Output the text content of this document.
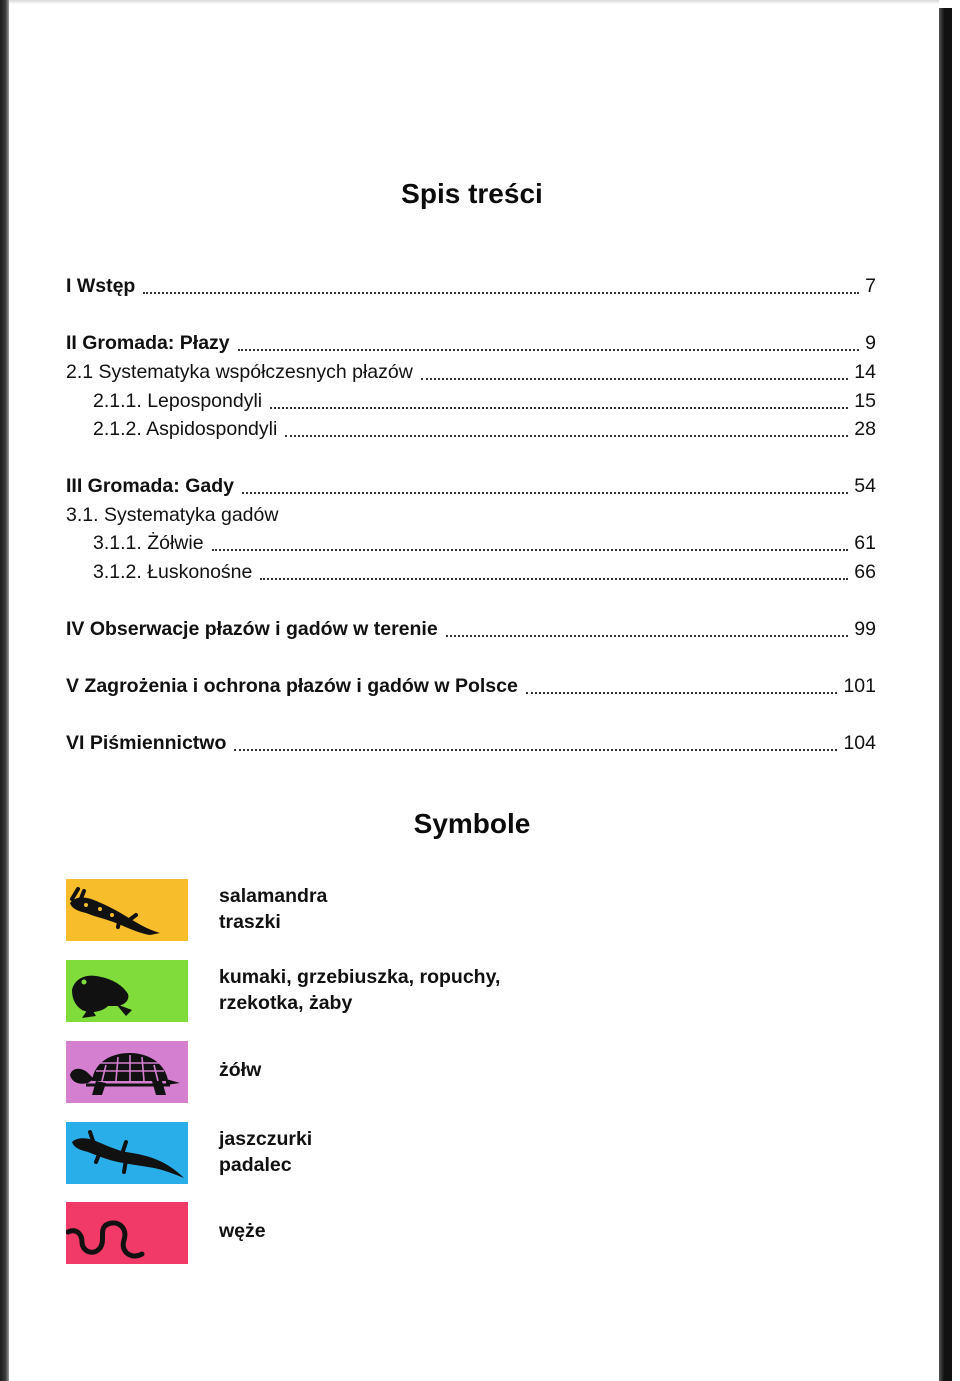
Spis treści
I Wstęp	7
II Gromada: Płazy	9
2.1 Systematyka współczesnych płazów	14
2.1.1. Lepospondyli	15
2.1.2. Aspidospondyli	28
III Gromada: Gady	54
3.1. Systematyka gadów
3.1.1. Żółwie	61
3.1.2. Łuskonośne	66
IV Obserwacje płazów i gadów w terenie	99
V Zagrożenia i ochrona płazów i gadów w Polsce	101
VI Piśmiennictwo	104
Symbole
salamandra
traszki
kumaki, grzebiuszka, ropuchy,
rzekotka, żaby
żółw
jaszczurki
padalec
węże
